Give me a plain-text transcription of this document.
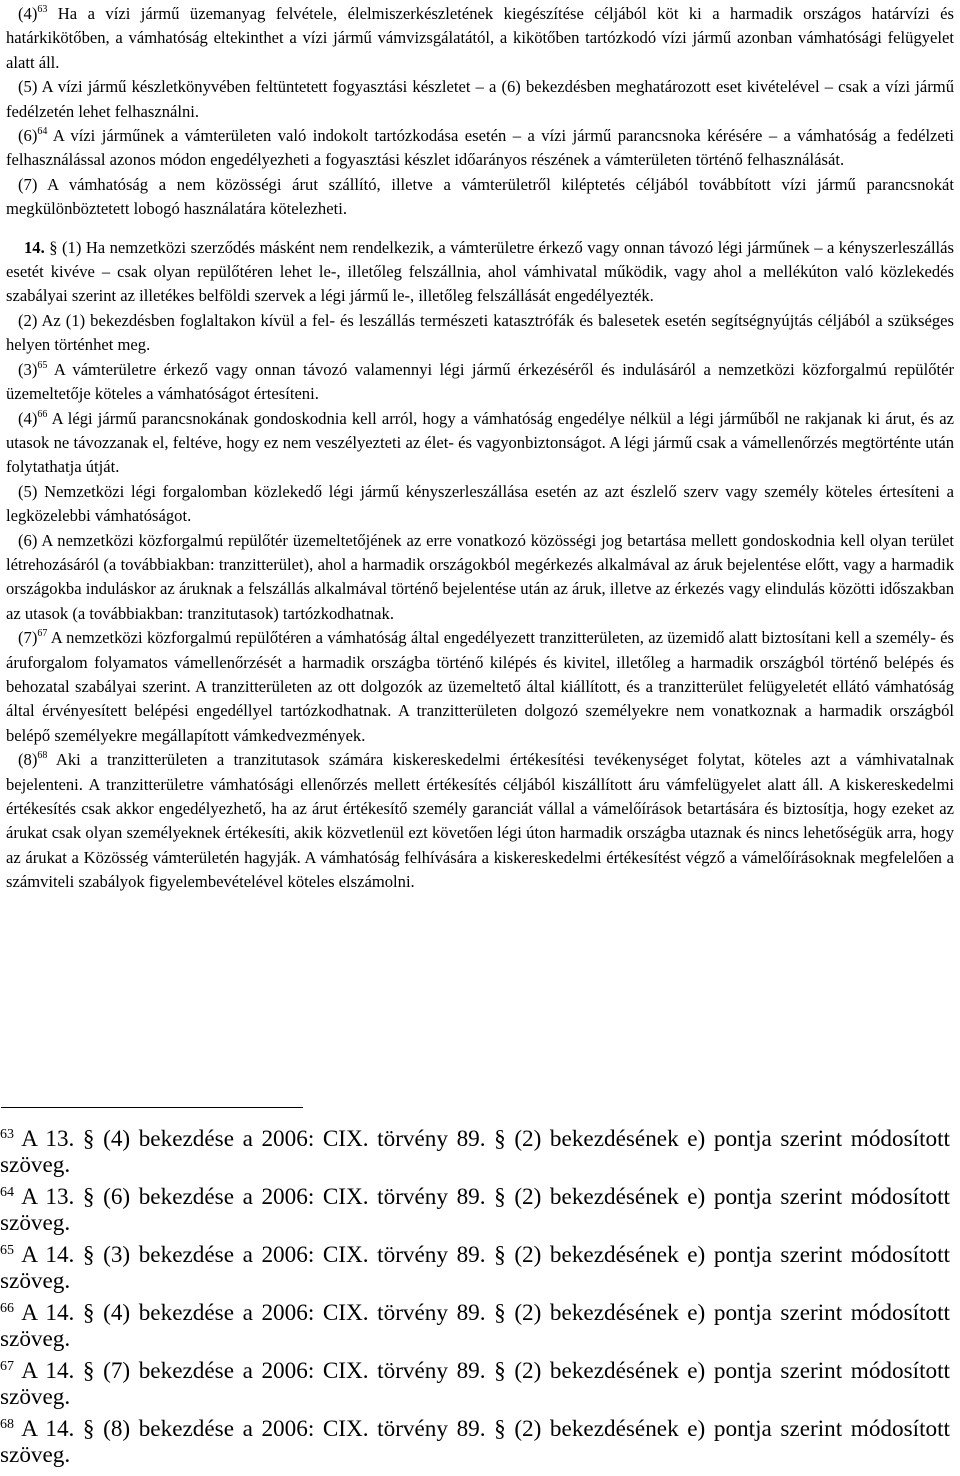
$(4)^{63}$ Ha a vízi jármű üzemanyag felvétele, élelmiszerkészletének kiegészítése céljából köt ki a harmadik országos határvízi és határkikötőben, a vámhatóság eltekinthet a vízi jármű vámvizsgálatától, a kikötőben tartózkodó vízi jármű azonban vámhatósági felügyelet alatt áll.

(5) A vízi jármű készletkönyvében feltüntetett fogyasztási készletet – a (6) bekezdésben meghatározott eset kivételével – csak a vízi jármű fedélzetén lehet felhasználni.

$(6)^{64}$ A vízi járműnek a vámterületen való indokolt tartózkodása esetén – a vízi jármű parancsnoka kérésére – a vámhatóság a fedélzeti felhasználással azonos módon engedélyezheti a fogyasztási készlet időarányos részének a vámterületen történő felhasználását.

(7) A vámhatóság a nem közösségi árut szállító, illetve a vámterületről kiléptetés céljából továbbított vízi jármű parancsnokát megkülönböztetett lobogó használatára kötelezheti.

14. § (1) Ha nemzetközi szerződés másként nem rendelkezik, a vámterületre érkező vagy onnan távozó légi járműnek – a kényszerleszállás esetét kivéve – csak olyan repülőtéren lehet le-, illetőleg felszállnia, ahol vámhivatal működik, vagy ahol a mellékúton való közlekedés szabályai szerint az illetékes belföldi szervek a légi jármű le-, illetőleg felszállását engedélyezték.

(2) Az (1) bekezdésben foglaltakon kívül a fel- és leszállás természeti katasztrófák és balesetek esetén segítségnyújtás céljából a szükséges helyen történhet meg.

$(3)^{65}$ A vámterületre érkező vagy onnan távozó valamennyi légi jármű érkezéséről és indulásáról a nemzetközi közforgalmú repülőtér üzemeltetője köteles a vámhatóságot értesíteni.

$(4)^{66}$ A légi jármű parancsnokának gondoskodnia kell arról, hogy a vámhatóság engedélye nélkül a légi járműből ne rakjanak ki árut, és az utasok ne távozzanak el, feltéve, hogy ez nem veszélyezteti az élet- és vagyonbiztonságot. A légi jármű csak a vámellenőrzés megtörténte után folytathatja útját.

(5) Nemzetközi légi forgalomban közlekedő légi jármű kényszerleszállása esetén az azt észlelő szerv vagy személy köteles értesíteni a legközelebbi vámhatóságot.

(6) A nemzetközi közforgalmú repülőtér üzemeltetőjének az erre vonatkozó közösségi jog betartása mellett gondoskodnia kell olyan terület létrehozásáról (a továbbiakban: tranzitterület), ahol a harmadik országokból megérkezés alkalmával az áruk bejelentése előtt, vagy a harmadik országokba induláskor az áruknak a felszállás alkalmával történő bejelentése után az áruk, illetve az érkezés vagy elindulás közötti időszakban az utasok (a továbbiakban: tranzitutasok) tartózkodhatnak.

$(7)^{67}$ A nemzetközi közforgalmú repülőtéren a vámhatóság által engedélyezett tranzitterületen, az üzemidő alatt biztosítani kell a személy- és áruforgalom folyamatos vámellenőrzését a harmadik országba történő kilépés és kivitel, illetőleg a harmadik országból történő belépés és behozatal szabályai szerint. A tranzitterületen az ott dolgozók az üzemeltető által kiállított, és a tranzitterület felügyeletét ellátó vámhatóság által érvényesített belépési engedéllyel tartózkodhatnak. A tranzitterületen dolgozó személyekre nem vonatkoznak a harmadik országból belépő személyekre megállapított vámkedvezmények.

$(8)^{68}$ Aki a tranzitterületen a tranzitutasok számára kiskereskedelmi értékesítési tevékenységet folytat, köteles azt a vámhivatalnak bejelenteni. A tranzitterületre vámhatósági ellenőrzés mellett értékesítés céljából kiszállított áru vámfelügyelet alatt áll. A kiskereskedelmi értékesítés csak akkor engedélyezhető, ha az árut értékesítő személy garanciát vállal a vámelőírások betartására és biztosítja, hogy ezeket az árukat csak olyan személyeknek értékesíti, akik közvetlenül ezt követően légi úton harmadik országba utaznak és nincs lehetőségük arra, hogy az árukat a Közösség vámterületén hagyják. A vámhatóság felhívására a kiskereskedelmi értékesítést végző a vámelőírásoknak megfelelően a számviteli szabályok figyelembevételével köteles elszámolni.

$^{63}$ A 13. § (4) bekezdése a 2006: CIX. törvény 89. § (2) bekezdésének e) pontja szerint módosított szöveg.

$^{64}$ A 13. § (6) bekezdése a 2006: CIX. törvény 89. § (2) bekezdésének e) pontja szerint módosított szöveg.

$^{65}$ A 14. § (3) bekezdése a 2006: CIX. törvény 89. § (2) bekezdésének e) pontja szerint módosított szöveg.

$^{66}$ A 14. § (4) bekezdése a 2006: CIX. törvény 89. § (2) bekezdésének e) pontja szerint módosított szöveg.

$^{67}$ A 14. § (7) bekezdése a 2006: CIX. törvény 89. § (2) bekezdésének e) pontja szerint módosított szöveg.

$^{68}$ A 14. § (8) bekezdése a 2006: CIX. törvény 89. § (2) bekezdésének e) pontja szerint módosított szöveg.
